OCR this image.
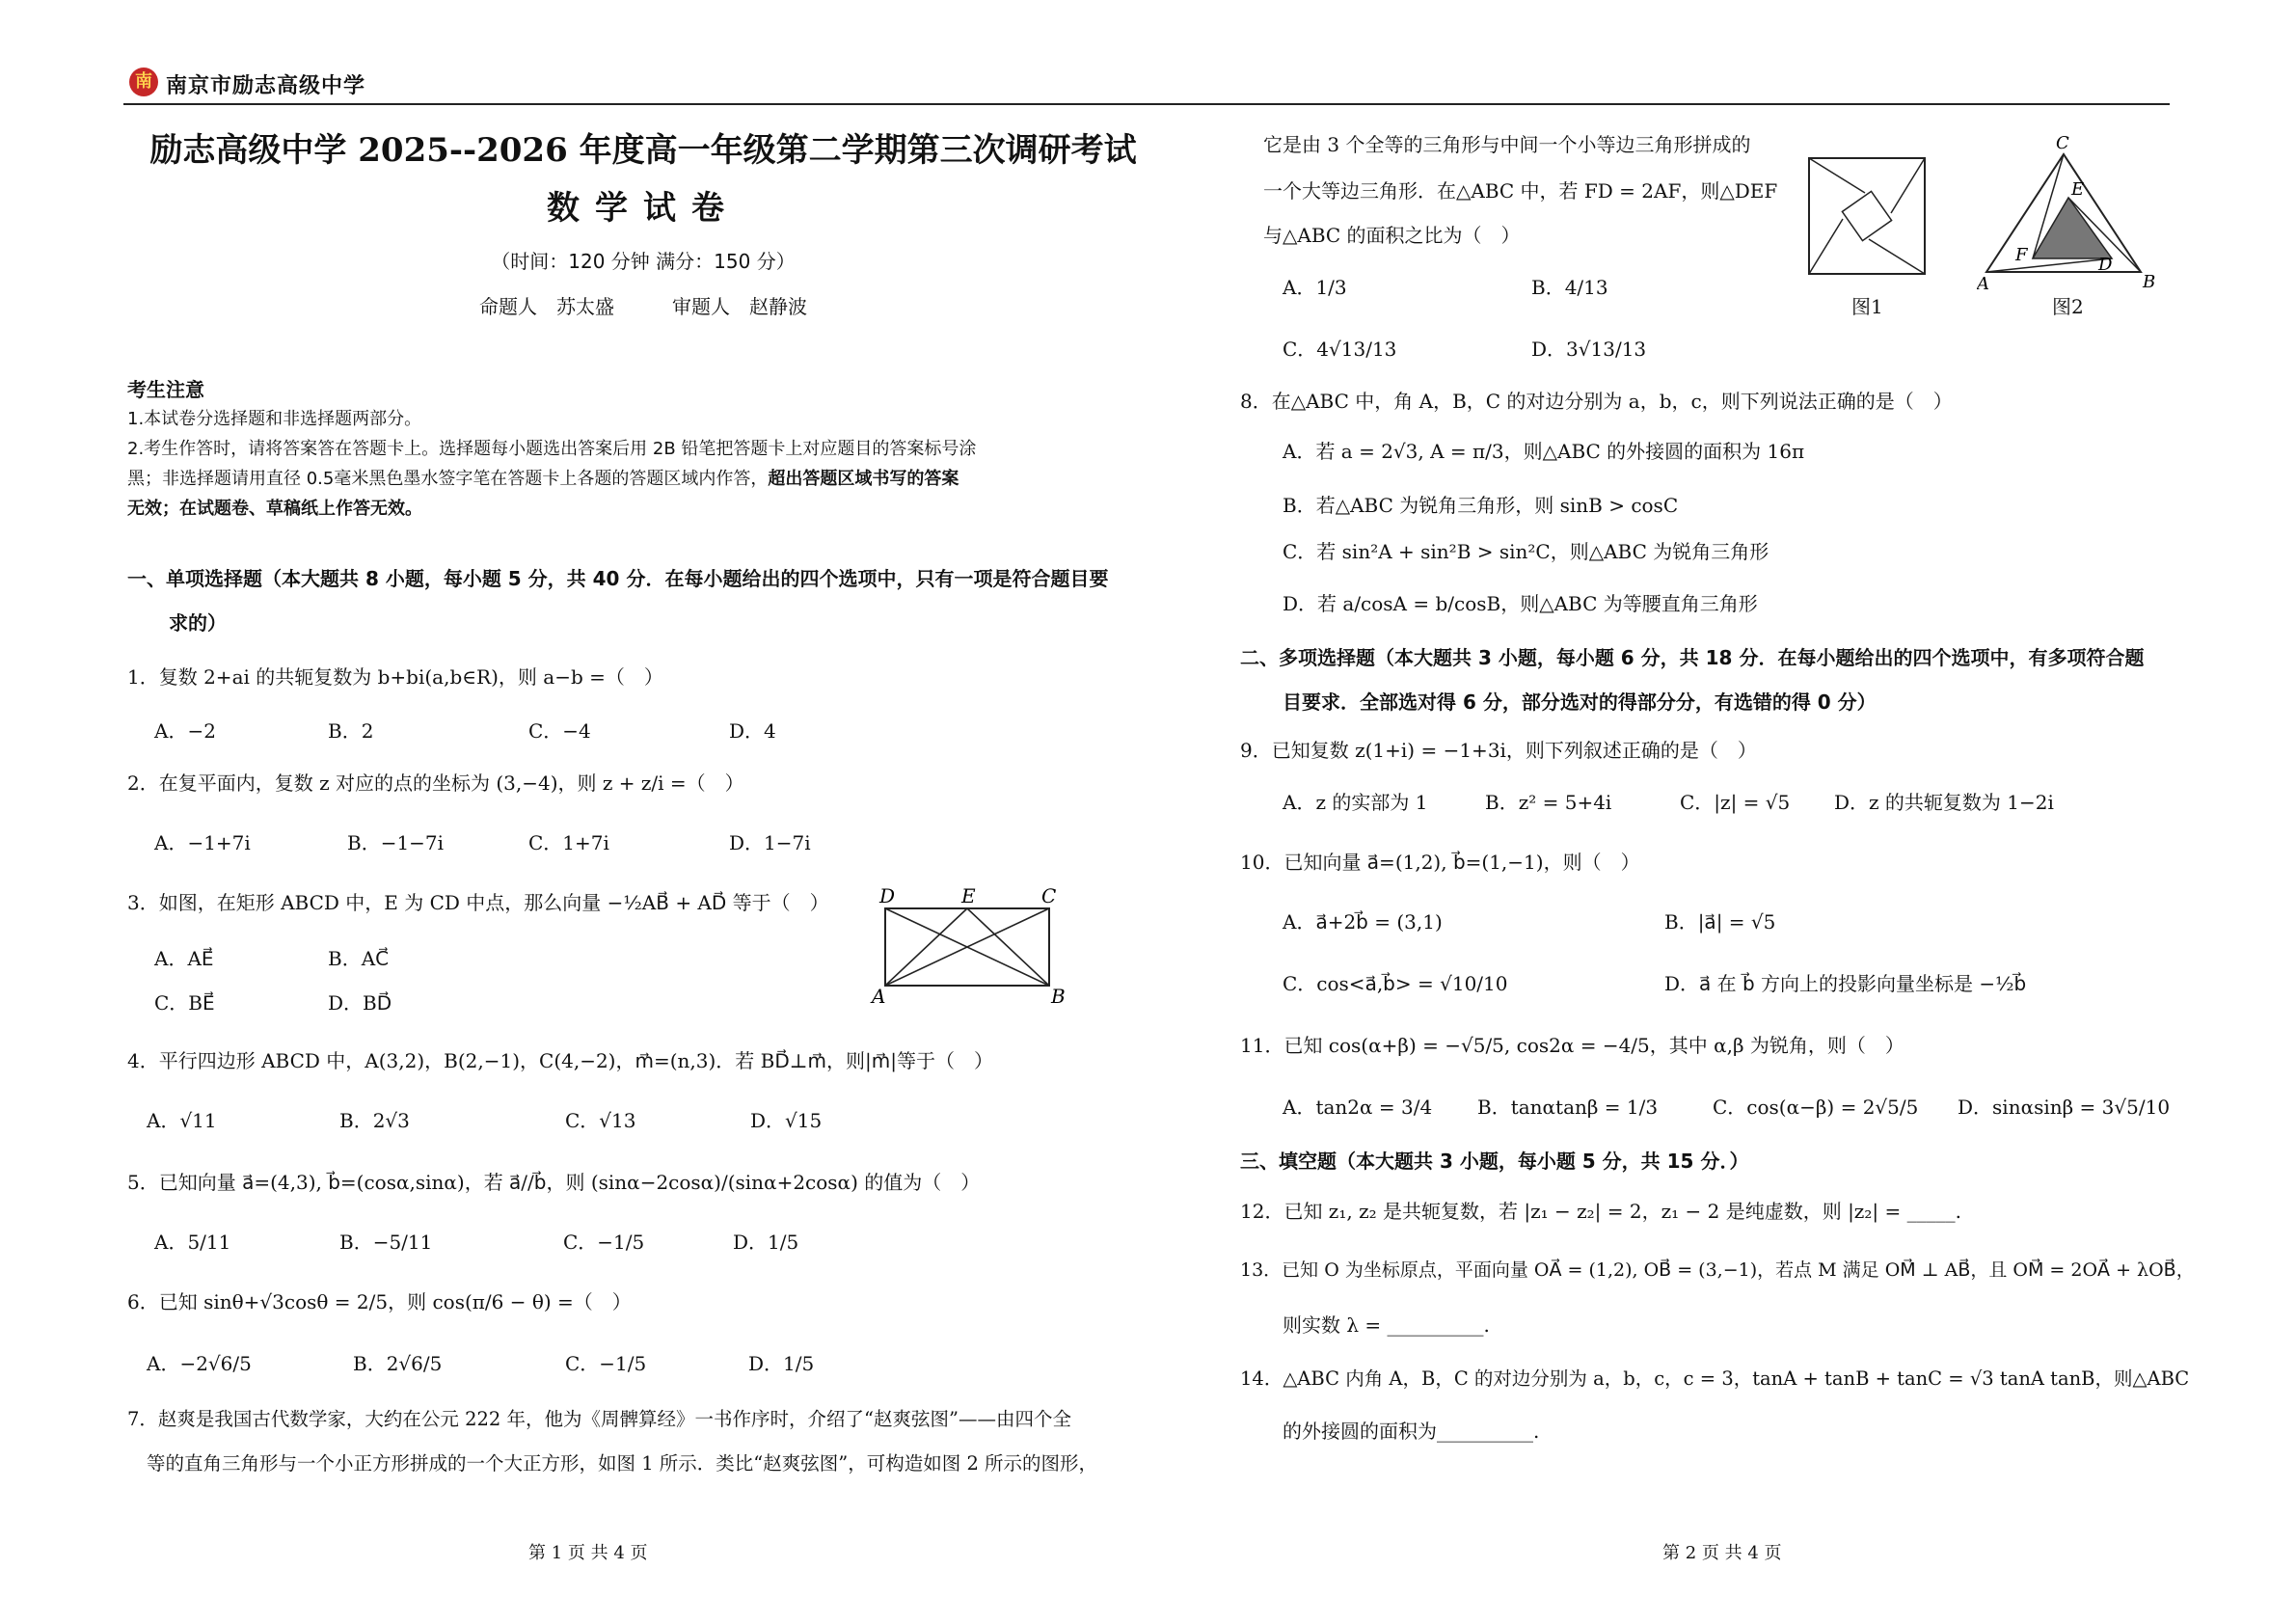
南 南京市励志高级中学
励志高级中学 2025--2026 年度高一年级第二学期第三次调研考试
数学试卷
（时间：120 分钟 满分：150 分）
命题人　苏太盛　　　审题人　赵静波
考生注意
1.本试卷分选择题和非选择题两部分。
2.考生作答时，请将答案答在答题卡上。选择题每小题选出答案后用 2B 铅笔把答题卡上对应题目的答案标号涂
黑；非选择题请用直径 0.5毫米黑色墨水签字笔在答题卡上各题的答题区域内作答，超出答题区域书写的答案
无效；在试题卷、草稿纸上作答无效。
一、单项选择题（本大题共 8 小题，每小题 5 分，共 40 分．在每小题给出的四个选项中，只有一项是符合题目要
求的）
1．复数 2+ai 的共轭复数为 b+bi(a,b∈R)，则 a−b =（　）
A．−2	B．2	C．−4	D．4
2．在复平面内，复数 z 对应的点的坐标为 (3,−4)，则 z + z/i =（　）
A．−1+7i	B．−1−7i	C．1+7i	D．1−7i
3．如图，在矩形 ABCD 中，E 为 CD 中点，那么向量 −½AB⃗ + AD⃗ 等于（　）
A．AE⃗	B．AC⃗
C．BE⃗	D．BD⃗
D	E	C
A	B
4．平行四边形 ABCD 中，A(3,2)，B(2,−1)，C(4,−2)，m⃗=(n,3)．若 BD⃗⊥m⃗，则|m⃗|等于（　）
A．√11	B．2√3	C．√13	D．√15
5．已知向量 a⃗=(4,3), b⃗=(cosα,sinα)，若 a⃗//b⃗，则 (sinα−2cosα)/(sinα+2cosα) 的值为（　）
A．5/11	B．−5/11	C．−1/5	D．1/5
6．已知 sinθ+√3cosθ = 2/5，则 cos(π/6 − θ) =（　）
A．−2√6/5	B．2√6/5	C．−1/5	D．1/5
7．赵爽是我国古代数学家，大约在公元 222 年，他为《周髀算经》一书作序时，介绍了“赵爽弦图”——由四个全
等的直角三角形与一个小正方形拼成的一个大正方形，如图 1 所示．类比“赵爽弦图”，可构造如图 2 所示的图形，
第 1 页 共 4 页
它是由 3 个全等的三角形与中间一个小等边三角形拼成的
一个大等边三角形．在△ABC 中，若 FD = 2AF，则△DEF
与△ABC 的面积之比为（　）
A．1/3	B．4/13
C．4√13/13	D．3√13/13
图1
C
E
F	D
A	B
图2
8．在△ABC 中，角 A，B，C 的对边分别为 a，b，c，则下列说法正确的是（　）
A．若 a = 2√3, A = π/3，则△ABC 的外接圆的面积为 16π
B．若△ABC 为锐角三角形，则 sinB > cosC
C．若 sin²A + sin²B > sin²C，则△ABC 为锐角三角形
D．若 a/cosA = b/cosB，则△ABC 为等腰直角三角形
二、多项选择题（本大题共 3 小题，每小题 6 分，共 18 分．在每小题给出的四个选项中，有多项符合题
目要求．全部选对得 6 分，部分选对的得部分分，有选错的得 0 分）
9．已知复数 z(1+i) = −1+3i，则下列叙述正确的是（　）
A．z 的实部为 1	B．z² = 5+4i	C．|z| = √5 D．z 的共轭复数为 1−2i
10．已知向量 a⃗=(1,2), b⃗=(1,−1)，则（　）
A．a⃗+2b⃗ = (3,1)	B．|a⃗| = √5
C．cos<a⃗,b⃗> = √10/10	D．a⃗ 在 b⃗ 方向上的投影向量坐标是 −½b⃗
11．已知 cos(α+β) = −√5/5, cos2α = −4/5，其中 α,β 为锐角，则（　）
A．tan2α = 3/4 B．tanαtanβ = 1/3	C．cos(α−β) = 2√5/5 D．sinαsinβ = 3√5/10
三、填空题（本大题共 3 小题，每小题 5 分，共 15 分．）
12．已知 z₁, z₂ 是共轭复数，若 |z₁ − z₂| = 2，z₁ − 2 是纯虚数，则 |z₂| = _____.
13．已知 O 为坐标原点，平面向量 OA⃗ = (1,2), OB⃗ = (3,−1)，若点 M 满足 OM⃗ ⊥ AB⃗，且 OM⃗ = 2OA⃗ + λOB⃗，
则实数 λ = __________.
14．△ABC 内角 A，B，C 的对边分别为 a，b，c，c = 3，tanA + tanB + tanC = √3 tanA tanB，则△ABC
的外接圆的面积为__________.
第 2 页 共 4 页
